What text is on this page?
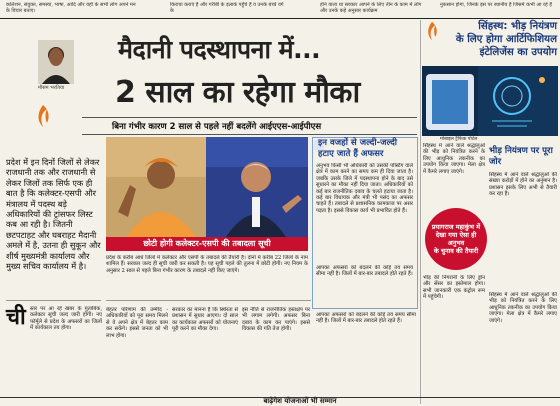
कलिशन, संयुक्त, समस्या, भाषा, आदि और यहाँ के सभी लोग अपने मन के विचार बताए।
किराया कराएं है और गरीबी के इलाके पहुँचे हैं व उनके बच्चे वर्ग के
होने वाला था सरकार आपने के लिए तीन के काम में लोग और उनके कहे अनुसार कार्यक्रम
नुकसान होगा, जिनके इस पर स्थानीय हैं जिसमें कभी आ रहे हैं
मौसम भरतिया
मैदानी पदस्थापना में...
2 साल का रहेगा मौका
बिना गंभीर कारण 2 साल से पहले नहीं बदलेंगे आईएएस-आईपीएस
प्रदेश में इन दिनों जिलों से लेकर राजधानी तक और राजधानी से लेकर जिलों तक सिर्फ एक ही बात है कि कलेक्टर-एसपी और मंत्रालय में पदस्थ बड़े अधिकारियों की ट्रांसफर लिस्ट कब आ रही है। जितनी छटपटाहट और घबराहट मैदानी अमले में है, उतना ही सुकून और शीर्ष मुख्यमंत्री कार्यालय और मुख्य सचिव कार्यालय में है।
ची स्तर पर आ रहे खबर के मुताबिक, कलेक्टर सूची जल्द जारी होगी। नए फॉर्मूले से प्रदेश के अफसरों का जिलों में कार्यकाल तय होगा।
छोटी होगी कलेक्टर-एसपी की तबादला सूची
प्रदेश के करीब आधे जिलों में कलेक्टर और एसपी के तबादले की तैयारी है। दोनों में करीब 22 जिलों के नाम शामिल हैं। सरकार जल्द ही सूची जारी कर सकती है। यह सूची पहले की तुलना में छोटी होगी। नए नियम के अनुसार 2 साल से पहले बिना गंभीर कारण के तबादले नहीं किए जाएंगे।
इन वजहों से जल्दी-जल्दी हटाए जाते हैं अफसर
अनुभव किसी भी अधिकारी को उसकी पोस्टिंग वाले क्षेत्र में काम करने का समय कम ही दिया जाता है। जबकि उसके जिले में पदस्थापना होने के बाद उसे सुधारने का मौका नहीं दिया जाता। अधिकारियों को कई बार राजनीतिक दबाव के चलते हटाया जाता है। कई बार विधायक और मंत्री भी पसंद का अफसर चाहते हैं। तबादले से प्रशासनिक कामकाज पर असर पड़ता है। इससे विकास कार्य भी प्रभावित होते हैं।
आपका अफसरों को बदलने की कोई तय समय सीमा नहीं है। जिलों में बार-बार तबादले होते रहते हैं।
बेहतर परिणाम की उम्मीद - अधिकारियों को पूरा समय मिलने से वे अपने क्षेत्र में बेहतर काम कर सकेंगे। इससे जनता को भी लाभ होगा।
सरकार का मानना है कि स्थिरता से प्रशासन में सुधार आएगा। दो साल का कार्यकाल अफसरों को योजनाएं पूरी करने का मौका देगा।
इस नीति से राजनीतिक हस्तक्षेप पर भी लगाम लगेगी। अफसर बिना दबाव के काम कर पाएंगे। इससे विकास की गति तेज होगी।
आपका अफसरों को बदलने की कोई तय समय सीमा नहीं है। जिलों में बार-बार तबादले होते रहते हैं।
सिंहस्थ: भीड़ नियंत्रण
के लिए होगा आर्टिफिशियल
इंटेलिजेंस का उपयोग
मोबाइल ट्रैफिक पोर्टल
सिंहस्थ में आने वाले श्रद्धालुओं की भीड़ को नियंत्रित करने के लिए आधुनिक तकनीक का उपयोग किया जाएगा। मेला क्षेत्र में कैमरे लगाए जाएंगे।
भीड़ नियंत्रण पर पूरा जोर
सिंहस्थ में आने वाले श्रद्धालुओं की संख्या करोड़ों में होने का अनुमान है। प्रशासन इसके लिए अभी से तैयारी कर रहा है।
प्रयागराज महाकुंभ में देखा गया ऐसा ही अनुभव
के चुनाव की तैयारी
भीड़ की निगरानी के लिए ड्रोन और सेंसर का इस्तेमाल होगा। सभी जानकारी एक कंट्रोल रूम में पहुंचेगी।	सिंहस्थ में आने वाले श्रद्धालुओं की भीड़ को नियंत्रित करने के लिए आधुनिक तकनीक का उपयोग किया जाएगा। मेला क्षेत्र में कैमरे लगाए जाएंगे।
बाढ़ेगेश योजनाओं भी सम्मान
